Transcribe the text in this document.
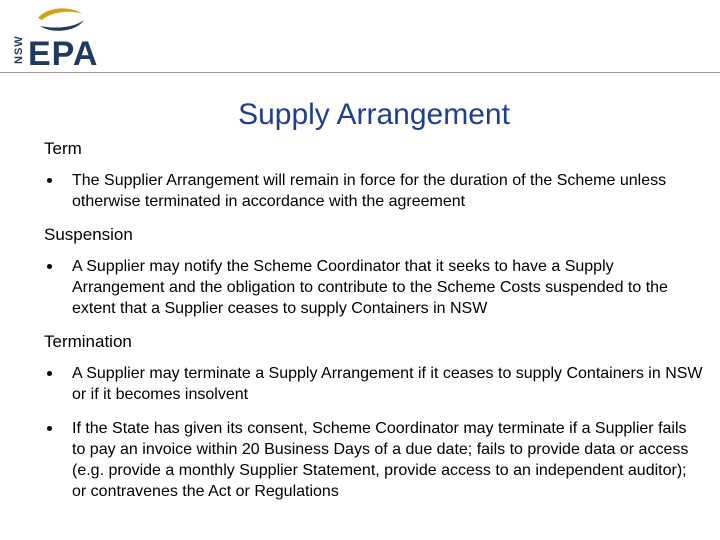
NSW EPA
Supply Arrangement
Term
The Supplier Arrangement will remain in force for the duration of the Scheme unless otherwise terminated in accordance with the agreement
Suspension
A Supplier may notify the Scheme Coordinator that it seeks to have a Supply Arrangement and the obligation to contribute to the Scheme Costs suspended to the extent that a Supplier ceases to supply Containers in NSW
Termination
A Supplier may terminate a Supply Arrangement if it ceases to supply Containers in NSW or if it becomes insolvent
If the State has given its consent, Scheme Coordinator may terminate if a Supplier fails to pay an invoice within 20 Business Days of a due date; fails to provide data or access (e.g. provide a monthly Supplier Statement, provide access to an independent auditor); or contravenes the Act or Regulations
